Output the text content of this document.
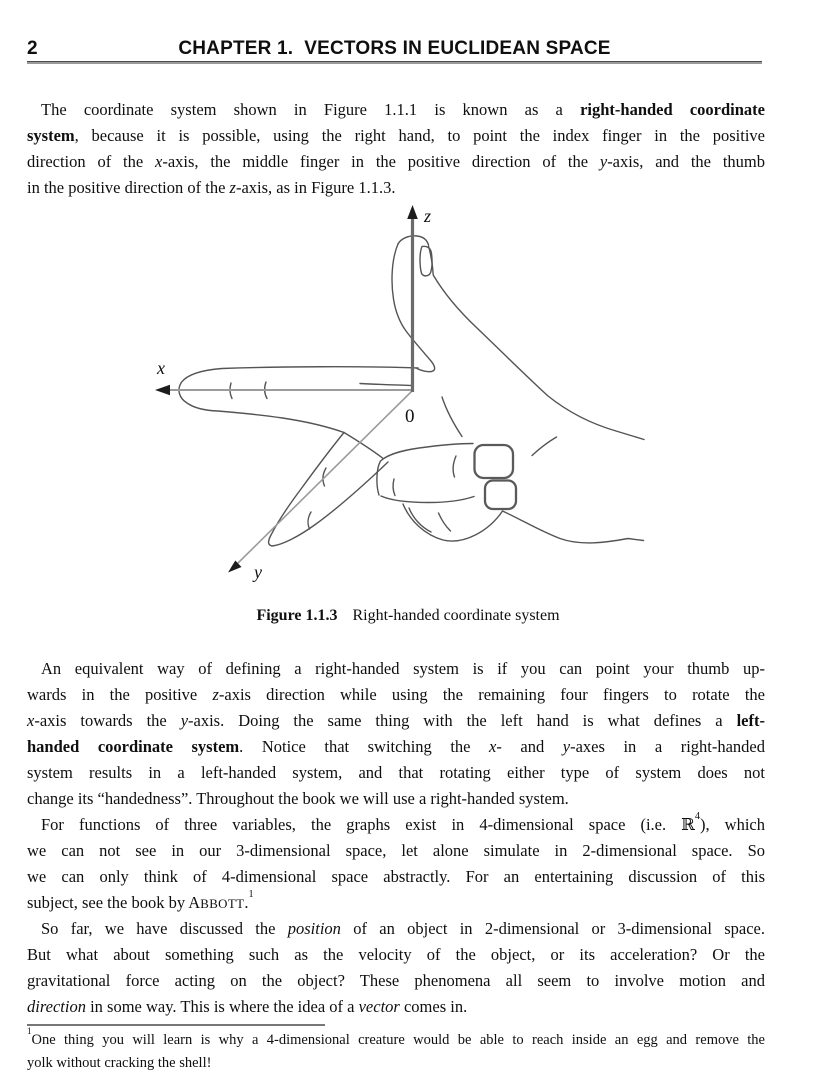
2	CHAPTER 1.  VECTORS IN EUCLIDEAN SPACE
The coordinate system shown in Figure 1.1.1 is known as a right-handed coordinate
system, because it is possible, using the right hand, to point the index finger in the positive
direction of the x-axis, the middle finger in the positive direction of the y-axis, and the thumb
in the positive direction of the z-axis, as in Figure 1.1.3.
z
x
y
0
Figure 1.1.3 Right-handed coordinate system
An equivalent way of defining a right-handed system is if you can point your thumb up-
wards in the positive z-axis direction while using the remaining four fingers to rotate the
x-axis towards the y-axis. Doing the same thing with the left hand is what defines a left-
handed coordinate system. Notice that switching the x- and y-axes in a right-handed
system results in a left-handed system, and that rotating either type of system does not
change its “handedness”. Throughout the book we will use a right-handed system.
For functions of three variables, the graphs exist in 4-dimensional space (i.e. ℝ$^4$), which
we can not see in our 3-dimensional space, let alone simulate in 2-dimensional space. So
we can only think of 4-dimensional space abstractly. For an entertaining discussion of this
subject, see the book by ABBOTT.$^1$
So far, we have discussed the position of an object in 2-dimensional or 3-dimensional space.
But what about something such as the velocity of the object, or its acceleration? Or the
gravitational force acting on the object? These phenomena all seem to involve motion and
direction in some way. This is where the idea of a vector comes in.
$^1$One thing you will learn is why a 4-dimensional creature would be able to reach inside an egg and remove the
yolk without cracking the shell!
